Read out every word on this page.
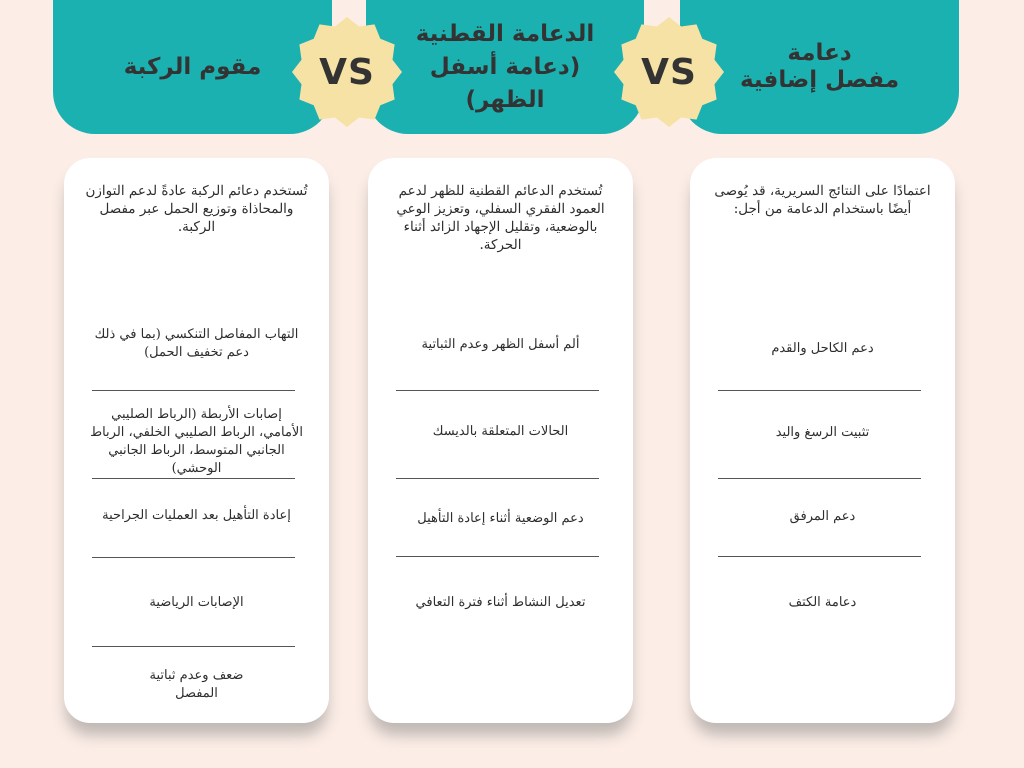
مقوم الركبة
الدعامة القطنية
(دعامة أسفل
الظهر)
دعامة
مفصل إضافية
VS	VS
تُستخدم دعائم الركبة عادةً لدعم التوازن والمحاذاة وتوزيع الحمل عبر مفصل الركبة.
التهاب المفاصل التنكسي (بما في ذلك دعم تخفيف الحمل)
إصابات الأربطة (الرباط الصليبي الأمامي، الرباط الصليبي الخلفي، الرباط الجانبي المتوسط، الرباط الجانبي الوحشي)
إعادة التأهيل بعد العمليات الجراحية
الإصابات الرياضية
ضعف وعدم ثباتية المفصل
تُستخدم الدعائم القطنية للظهر لدعم العمود الفقري السفلي، وتعزيز الوعي بالوضعية، وتقليل الإجهاد الزائد أثناء الحركة.
ألم أسفل الظهر وعدم الثباتية
الحالات المتعلقة بالديسك
دعم الوضعية أثناء إعادة التأهيل
تعديل النشاط أثناء فترة التعافي
اعتمادًا على النتائج السريرية، قد يُوصى أيضًا باستخدام الدعامة من أجل:
دعم الكاحل والقدم
تثبيت الرسغ واليد
دعم المرفق
دعامة الكتف
